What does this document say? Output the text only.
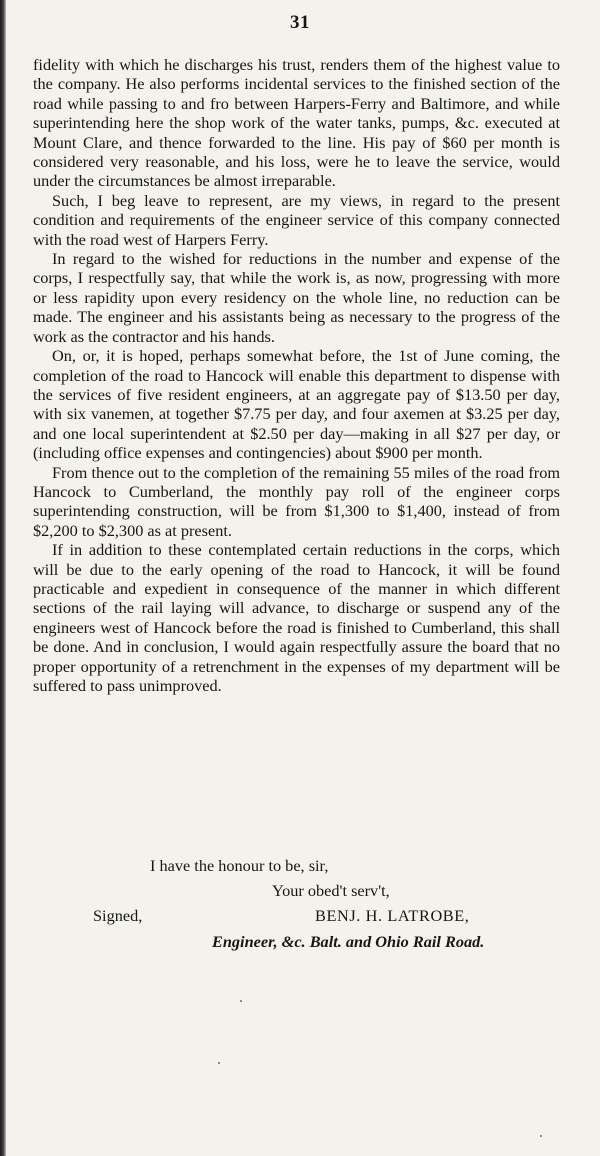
31

fidelity with which he discharges his trust, renders them of the highest value to the company. He also performs incidental services to the finished section of the road while passing to and fro between Harpers-Ferry and Baltimore, and while superintending here the shop work of the water tanks, pumps, &c. executed at Mount Clare, and thence forwarded to the line. His pay of $60 per month is considered very reasonable, and his loss, were he to leave the service, would under the circumstances be almost irreparable.

Such, I beg leave to represent, are my views, in regard to the present condition and requirements of the engineer service of this company connected with the road west of Harpers Ferry.

In regard to the wished for reductions in the number and expense of the corps, I respectfully say, that while the work is, as now, progressing with more or less rapidity upon every residency on the whole line, no reduction can be made. The engineer and his assistants being as necessary to the progress of the work as the contractor and his hands.

On, or, it is hoped, perhaps somewhat before, the 1st of June coming, the completion of the road to Hancock will enable this department to dispense with the services of five resident engineers, at an aggregate pay of $13.50 per day, with six vanemen, at together $7.75 per day, and four axemen at $3.25 per day, and one local superintendent at $2.50 per day—making in all $27 per day, or (including office expenses and contingencies) about $900 per month.

From thence out to the completion of the remaining 55 miles of the road from Hancock to Cumberland, the monthly pay roll of the engineer corps superintending construction, will be from $1,300 to $1,400, instead of from $2,200 to $2,300 as at present.

If in addition to these contemplated certain reductions in the corps, which will be due to the early opening of the road to Hancock, it will be found practicable and expedient in consequence of the manner in which different sections of the rail laying will advance, to discharge or suspend any of the engineers west of Hancock before the road is finished to Cumberland, this shall be done. And in conclusion, I would again respectfully assure the board that no proper opportunity of a retrenchment in the expenses of my department will be suffered to pass unimproved.

I have the honour to be, sir,
Your obed't serv't,
Signed,	BENJ. H. LATROBE,
Engineer, &c. Balt. and Ohio Rail Road.
